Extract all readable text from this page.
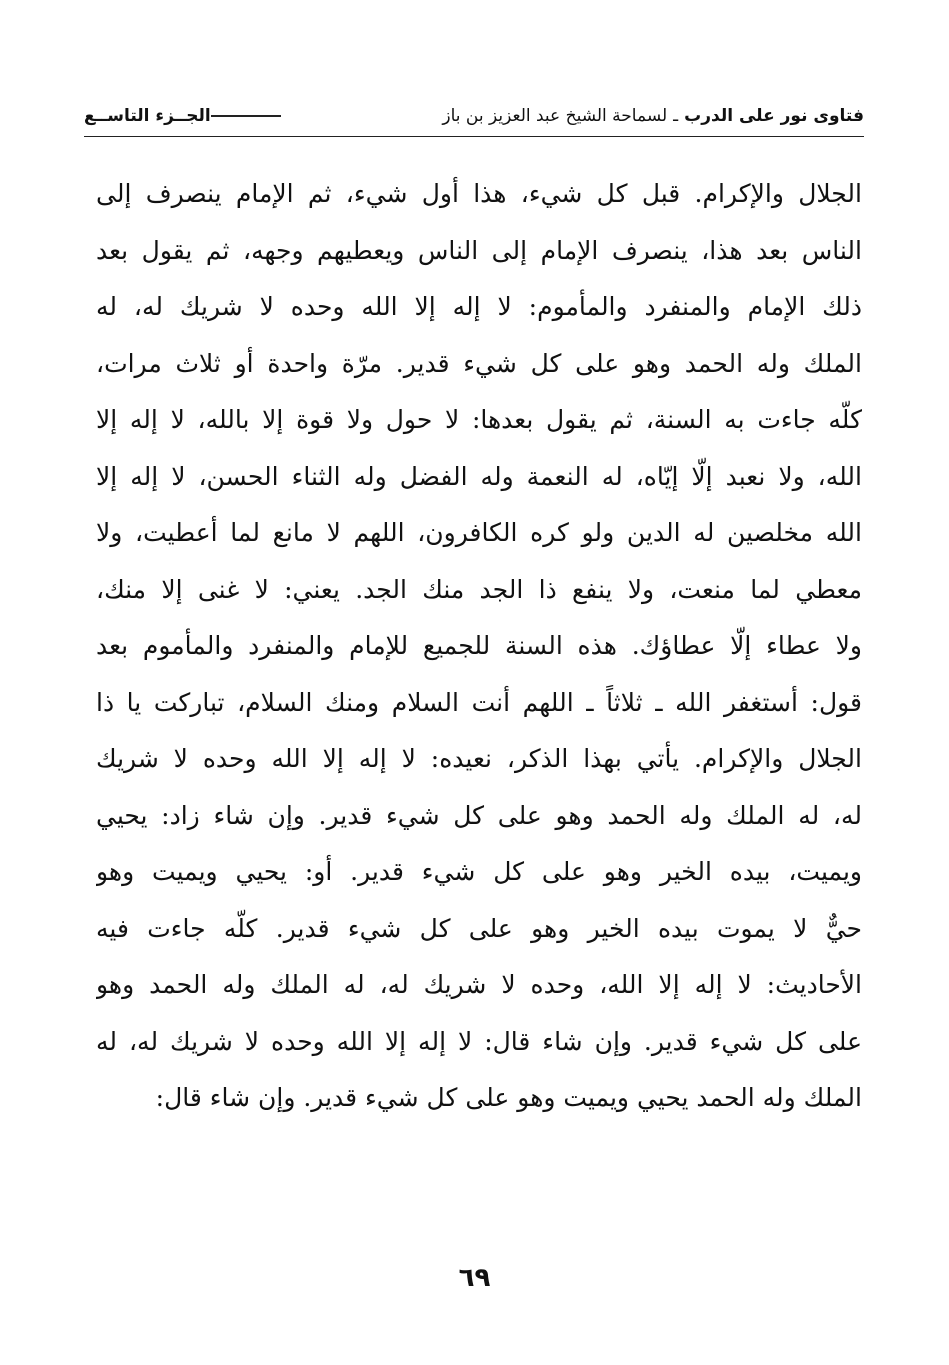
فتاوى نور على الدرب
ـ
لسماحة الشيخ عبد العزيز بن باز
الجــزء التاســع
الجلال والإكرام. قبل كل شيء، هذا أول شيء، ثم الإمام ينصرف إلى
الناس بعد هذا، ينصرف الإمام إلى الناس ويعطيهم وجهه، ثم يقول بعد
ذلك الإمام والمنفرد والمأموم: لا إله إلا الله وحده لا شريك له، له
الملك وله الحمد وهو على كل شيء قدير. مرّة واحدة أو ثلاث مرات،
كلّه جاءت به السنة، ثم يقول بعدها: لا حول ولا قوة إلا بالله، لا إله إلا
الله، ولا نعبد إلّا إيّاه، له النعمة وله الفضل وله الثناء الحسن، لا إله إلا
الله مخلصين له الدين ولو كره الكافرون، اللهم لا مانع لما أعطيت، ولا
معطي لما منعت، ولا ينفع ذا الجد منك الجد. يعني: لا غنى إلا منك،
ولا عطاء إلّا عطاؤك. هذه السنة للجميع للإمام والمنفرد والمأموم بعد
قول: أستغفر الله ـ ثلاثاً ـ اللهم أنت السلام ومنك السلام، تباركت يا ذا
الجلال والإكرام. يأتي بهذا الذكر، نعيده: لا إله إلا الله وحده لا شريك
له، له الملك وله الحمد وهو على كل شيء قدير. وإن شاء زاد: يحيي
ويميت، بيده الخير وهو على كل شيء قدير. أو: يحيي ويميت وهو
حيٌّ لا يموت بيده الخير وهو على كل شيء قدير. كلّه جاءت فيه
الأحاديث: لا إله إلا الله، وحده لا شريك له، له الملك وله الحمد وهو
على كل شيء قدير. وإن شاء قال: لا إله إلا الله وحده لا شريك له، له
الملك وله الحمد يحيي ويميت وهو على كل شيء قدير. وإن شاء قال:
٦٩
